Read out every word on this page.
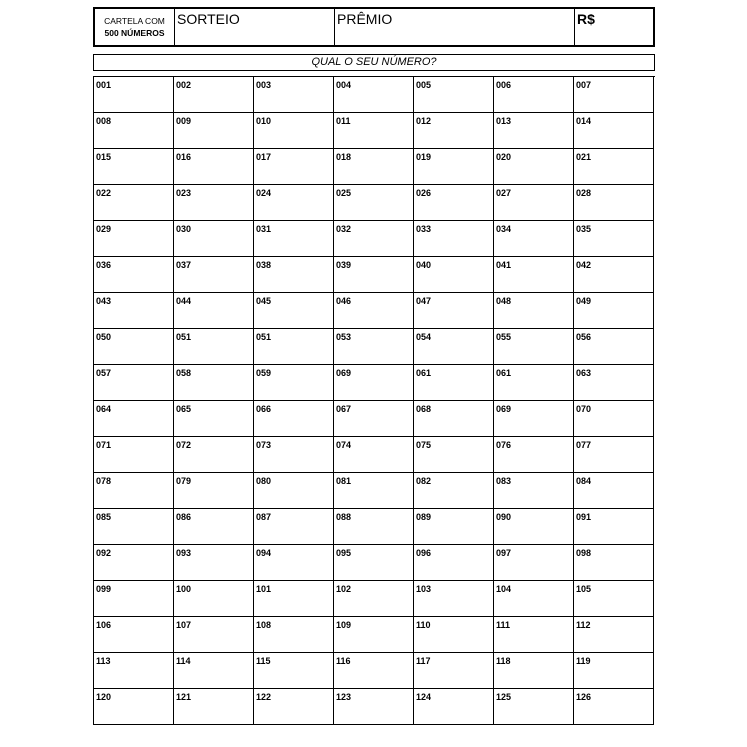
CARTELA COM
500 NÚMEROS
SORTEIO	PRÊMIO	R$
QUAL O SEU NÚMERO?
001	002	003	004	005	006	007
008	009	010	011	012	013	014
015	016	017	018	019	020	021
022	023	024	025	026	027	028
029	030	031	032	033	034	035
036	037	038	039	040	041	042
043	044	045	046	047	048	049
050	051	051	053	054	055	056
057	058	059	069	061	061	063
064	065	066	067	068	069	070
071	072	073	074	075	076	077
078	079	080	081	082	083	084
085	086	087	088	089	090	091
092	093	094	095	096	097	098
099	100	101	102	103	104	105
106	107	108	109	110	111	112
113	114	115	116	117	118	119
120	121	122	123	124	125	126
